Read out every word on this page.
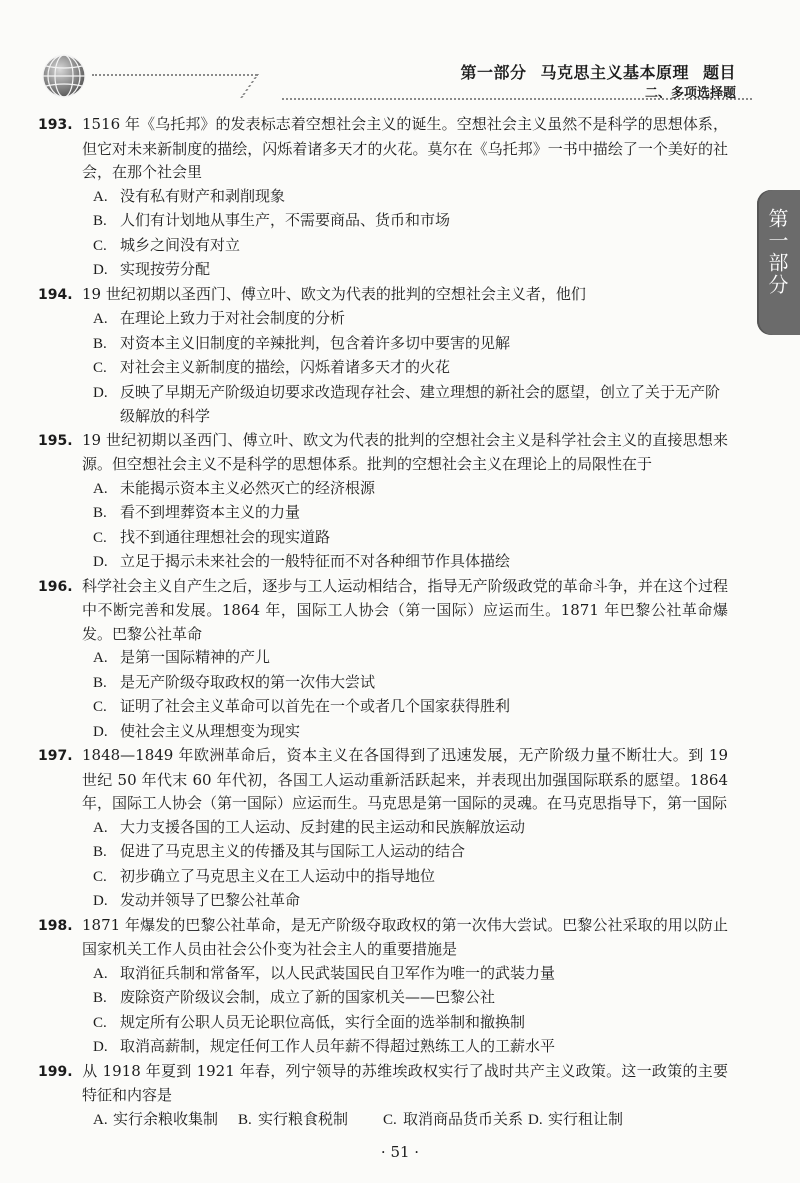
第一部分 马克思主义基本原理 题目
二、多项选择题
第一部分
193. 1516 年《乌托邦》的发表标志着空想社会主义的诞生。空想社会主义虽然不是科学的思想体系，但它对未来新制度的描绘，闪烁着诸多天才的火花。莫尔在《乌托邦》一书中描绘了一个美好的社会，在那个社会里
A. 没有私有财产和剥削现象
B. 人们有计划地从事生产，不需要商品、货币和市场
C. 城乡之间没有对立
D. 实现按劳分配
194. 19 世纪初期以圣西门、傅立叶、欧文为代表的批判的空想社会主义者，他们
A. 在理论上致力于对社会制度的分析
B. 对资本主义旧制度的辛辣批判，包含着许多切中要害的见解
C. 对社会主义新制度的描绘，闪烁着诸多天才的火花
D. 反映了早期无产阶级迫切要求改造现存社会、建立理想的新社会的愿望，创立了关于无产阶级解放的科学
195. 19 世纪初期以圣西门、傅立叶、欧文为代表的批判的空想社会主义是科学社会主义的直接思想来源。但空想社会主义不是科学的思想体系。批判的空想社会主义在理论上的局限性在于
A. 未能揭示资本主义必然灭亡的经济根源
B. 看不到埋葬资本主义的力量
C. 找不到通往理想社会的现实道路
D. 立足于揭示未来社会的一般特征而不对各种细节作具体描绘
196. 科学社会主义自产生之后，逐步与工人运动相结合，指导无产阶级政党的革命斗争，并在这个过程中不断完善和发展。1864 年，国际工人协会（第一国际）应运而生。1871 年巴黎公社革命爆发。巴黎公社革命
A. 是第一国际精神的产儿
B. 是无产阶级夺取政权的第一次伟大尝试
C. 证明了社会主义革命可以首先在一个或者几个国家获得胜利
D. 使社会主义从理想变为现实
197. 1848—1849 年欧洲革命后，资本主义在各国得到了迅速发展，无产阶级力量不断壮大。到 19 世纪 50 年代末 60 年代初，各国工人运动重新活跃起来，并表现出加强国际联系的愿望。1864 年，国际工人协会（第一国际）应运而生。马克思是第一国际的灵魂。在马克思指导下，第一国际
A. 大力支援各国的工人运动、反封建的民主运动和民族解放运动
B. 促进了马克思主义的传播及其与国际工人运动的结合
C. 初步确立了马克思主义在工人运动中的指导地位
D. 发动并领导了巴黎公社革命
198. 1871 年爆发的巴黎公社革命，是无产阶级夺取政权的第一次伟大尝试。巴黎公社采取的用以防止国家机关工作人员由社会公仆变为社会主人的重要措施是
A. 取消征兵制和常备军，以人民武装国民自卫军作为唯一的武装力量
B. 废除资产阶级议会制，成立了新的国家机关——巴黎公社
C. 规定所有公职人员无论职位高低，实行全面的选举制和撤换制
D. 取消高薪制，规定任何工作人员年薪不得超过熟练工人的工薪水平
199. 从 1918 年夏到 1921 年春，列宁领导的苏维埃政权实行了战时共产主义政策。这一政策的主要特征和内容是
A. 实行余粮收集制	B. 实行粮食税制	C. 取消商品货币关系 D. 实行租让制
· 51 ·
